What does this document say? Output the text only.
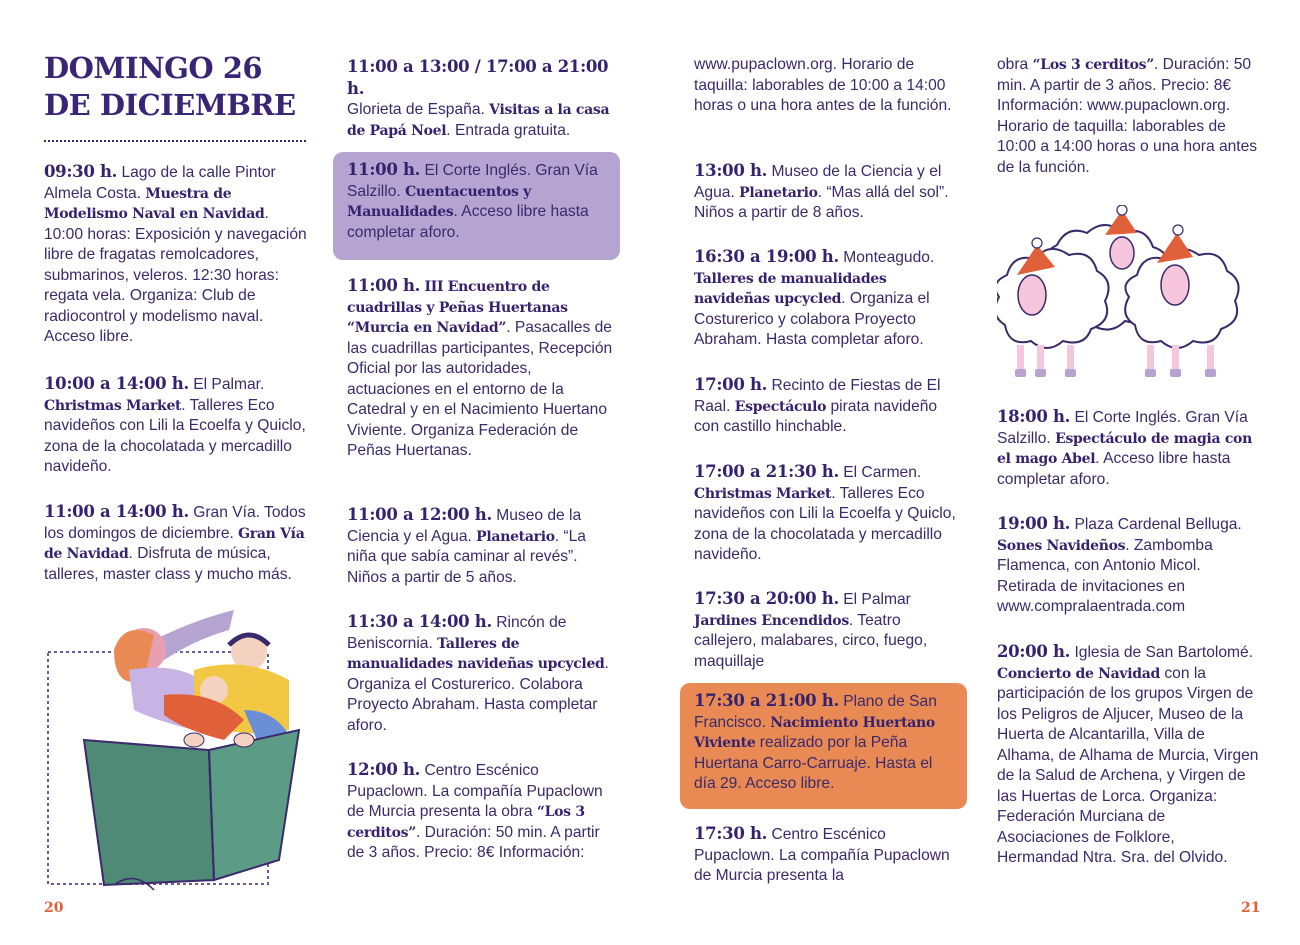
DOMINGO 26 DE DICIEMBRE
09:30 h. Lago de la calle Pintor Almela Costa. Muestra de Modelismo Naval en Navidad. 10:00 horas: Exposición y navegación libre de fragatas remolcadores, submarinos, veleros. 12:30 horas: regata vela. Organiza: Club de radiocontrol y modelismo naval. Acceso libre.
10:00 a 14:00 h. El Palmar. Christmas Market. Talleres Eco navideños con Lili la Ecoelfa y Quiclo, zona de la chocolatada y mercadillo navideño.
11:00 a 14:00 h. Gran Vía. Todos los domingos de diciembre. Gran Vía de Navidad. Disfruta de música, talleres, master class y mucho más.
11:00 a 13:00 / 17:00 a 21:00 h.
Glorieta de España. Visitas a la casa de Papá Noel. Entrada gratuita.
11:00 h. El Corte Inglés. Gran Vía Salzillo. Cuentacuentos y Manualidades. Acceso libre hasta completar aforo.
11:00 h. III Encuentro de cuadrillas y Peñas Huertanas “Murcia en Navidad”. Pasacalles de las cuadrillas participantes, Recepción Oficial por las autoridades, actuaciones en el entorno de la Catedral y en el Nacimiento Huertano Viviente. Organiza Federación de Peñas Huertanas.
11:00 a 12:00 h. Museo de la Ciencia y el Agua. Planetario. “La niña que sabía caminar al revés”. Niños a partir de 5 años.
11:30 a 14:00 h. Rincón de Beniscornia. Talleres de manualidades navideñas upcycled. Organiza el Costurerico. Colabora Proyecto Abraham. Hasta completar aforo.
12:00 h. Centro Escénico Pupaclown. La compañía Pupaclown de Murcia presenta la obra “Los 3 cerditos”. Duración: 50 min. A partir de 3 años. Precio: 8€ Información:
www.pupaclown.org. Horario de taquilla: laborables de 10:00 a 14:00 horas o una hora antes de la función.
13:00 h. Museo de la Ciencia y el Agua. Planetario. “Mas allá del sol”. Niños a partir de 8 años.
16:30 a 19:00 h. Monteagudo. Talleres de manualidades navideñas upcycled. Organiza el Costurerico y colabora Proyecto Abraham. Hasta completar aforo.
17:00 h. Recinto de Fiestas de El Raal. Espectáculo pirata navideño con castillo hinchable.
17:00 a 21:30 h. El Carmen. Christmas Market. Talleres Eco navideños con Lili la Ecoelfa y Quiclo, zona de la chocolatada y mercadillo navideño.
17:30 a 20:00 h. El Palmar Jardines Encendidos. Teatro callejero, malabares, circo, fuego, maquillaje
17:30 a 21:00 h. Plano de San Francisco. Nacimiento Huertano Viviente realizado por la Peña Huertana Carro-Carruaje. Hasta el día 29. Acceso libre.
17:30 h. Centro Escénico Pupaclown. La compañía Pupaclown de Murcia presenta la
obra “Los 3 cerditos”. Duración: 50 min. A partir de 3 años. Precio: 8€ Información: www.pupaclown.org. Horario de taquilla: laborables de 10:00 a 14:00 horas o una hora antes de la función.
18:00 h. El Corte Inglés. Gran Vía Salzillo. Espectáculo de magia con el mago Abel. Acceso libre hasta completar aforo.
19:00 h. Plaza Cardenal Belluga. Sones Navideños. Zambomba Flamenca, con Antonio Micol. Retirada de invitaciones en www.compralaentrada.com
20:00 h. Iglesia de San Bartolomé. Concierto de Navidad con la participación de los grupos Virgen de los Peligros de Aljucer, Museo de la Huerta de Alcantarilla, Villa de Alhama, de Alhama de Murcia, Virgen de la Salud de Archena, y Virgen de las Huertas de Lorca. Organiza: Federación Murciana de Asociaciones de Folklore, Hermandad Ntra. Sra. del Olvido.
20	21
